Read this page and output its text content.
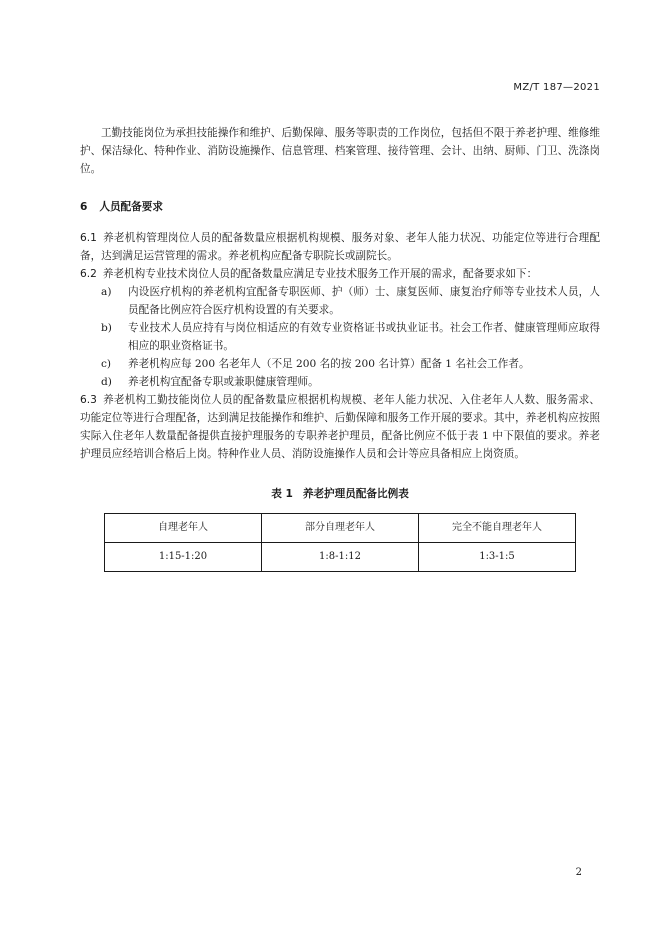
MZ/T 187—2021

工勤技能岗位为承担技能操作和维护、后勤保障、服务等职责的工作岗位，包括但不限于养老护理、维修维护、保洁绿化、特种作业、消防设施操作、信息管理、档案管理、接待管理、会计、出纳、厨师、门卫、洗涤岗位。

6 人员配备要求

6.1 养老机构管理岗位人员的配备数量应根据机构规模、服务对象、老年人能力状况、功能定位等进行合理配备，达到满足运营管理的需求。养老机构应配备专职院长或副院长。

6.2 养老机构专业技术岗位人员的配备数量应满足专业技术服务工作开展的需求，配备要求如下：

a)	内设医疗机构的养老机构宜配备专职医师、护（师）士、康复医师、康复治疗师等专业技术人员，人员配备比例应符合医疗机构设置的有关要求。
b)	专业技术人员应持有与岗位相适应的有效专业资格证书或执业证书。社会工作者、健康管理师应取得相应的职业资格证书。
c)	养老机构应每 200 名老年人（不足 200 名的按 200 名计算）配备 1 名社会工作者。
d)	养老机构宜配备专职或兼职健康管理师。

6.3 养老机构工勤技能岗位人员的配备数量应根据机构规模、老年人能力状况、入住老年人人数、服务需求、功能定位等进行合理配备，达到满足技能操作和维护、后勤保障和服务工作开展的要求。其中，养老机构应按照实际入住老年人数量配备提供直接护理服务的专职养老护理员，配备比例应不低于表 1 中下限值的要求。养老护理员应经培训合格后上岗。特种作业人员、消防设施操作人员和会计等应具备相应上岗资质。

表 1 养老护理员配备比例表
自理老年人	部分自理老年人	完全不能自理老年人
1:15-1:20	1:8-1:12	1:3-1:5
2
